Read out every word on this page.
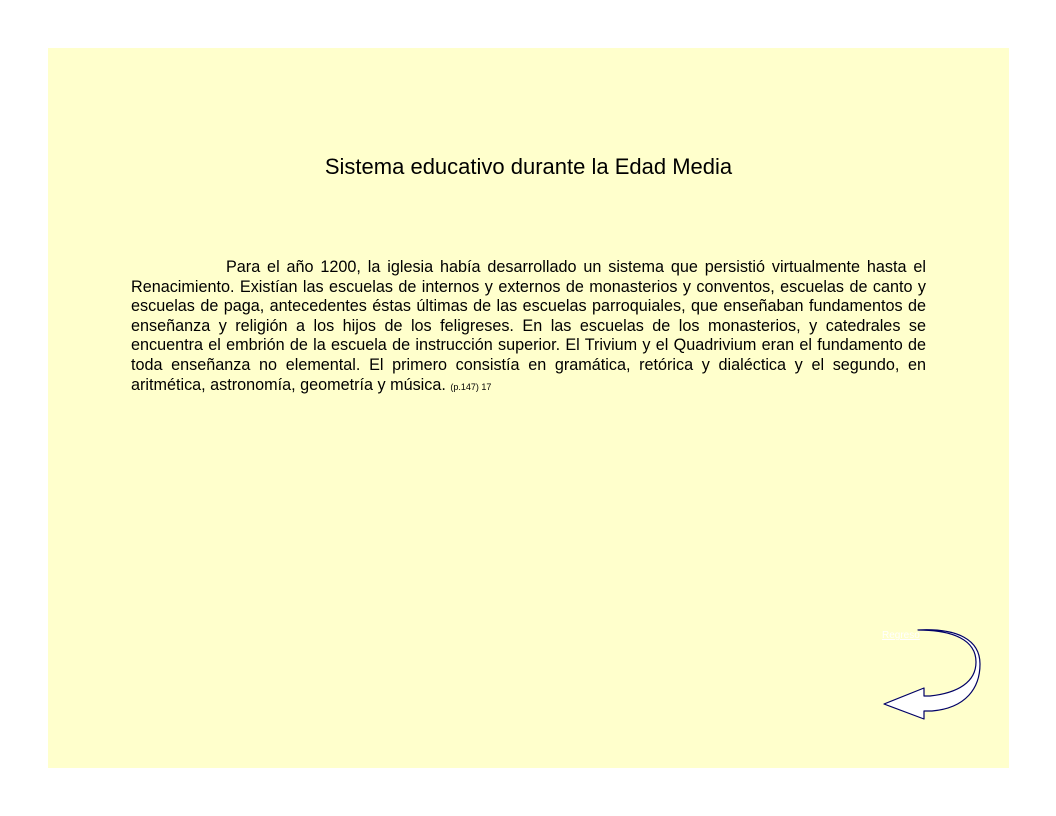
Sistema educativo durante la Edad Media

Para el año 1200, la iglesia había desarrollado un sistema que persistió virtualmente hasta el Renacimiento. Existían las escuelas de internos y externos de monasterios y conventos, escuelas de canto y escuelas de paga, antecedentes éstas últimas de las escuelas parroquiales, que enseñaban fundamentos de enseñanza y religión a los hijos de los feligreses. En las escuelas de los monasterios, y catedrales se encuentra el embrión de la escuela de instrucción superior. El Trivium y el Quadrivium eran el fundamento de toda enseñanza no elemental. El primero consistía en gramática, retórica y dialéctica y el segundo, en aritmética, astronomía, geometría y música. (p.147) 17

Regreso
